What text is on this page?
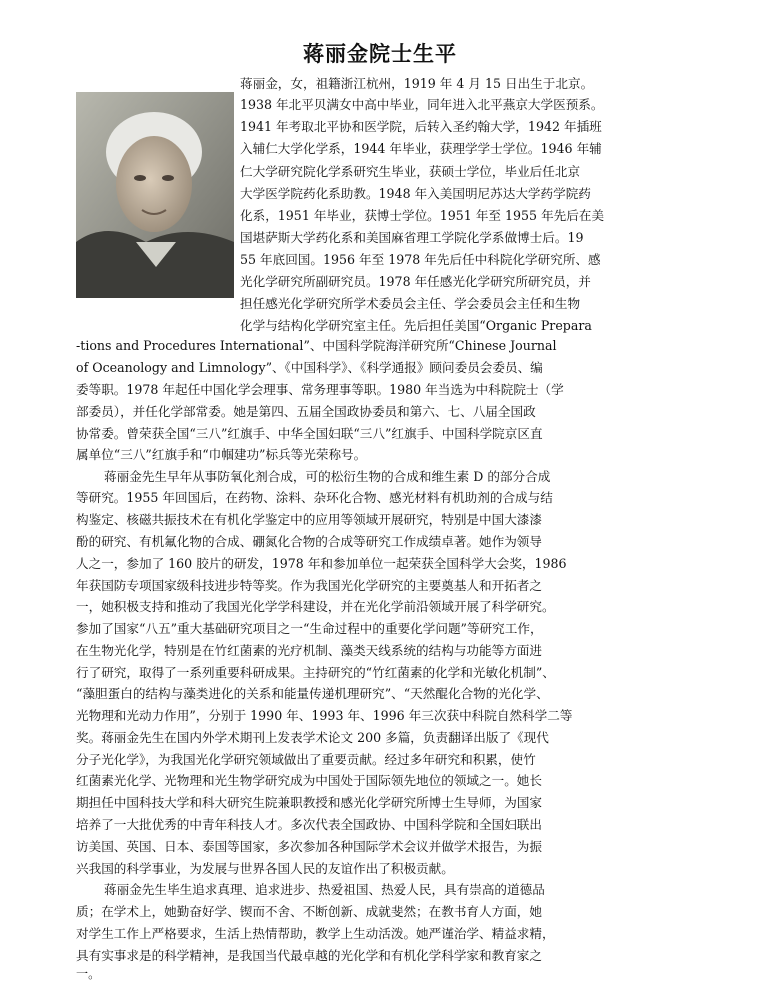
蒋丽金院士生平
蒋丽金，女，祖籍浙江杭州，1919 年 4 月 15 日出生于北京。
1938 年北平贝满女中高中毕业，同年进入北平燕京大学医预系。
1941 年考取北平协和医学院，后转入圣约翰大学，1942 年插班
入辅仁大学化学系，1944 年毕业，获理学学士学位。1946 年辅
仁大学研究院化学系研究生毕业，获硕士学位，毕业后任北京
大学医学院药化系助教。1948 年入美国明尼苏达大学药学院药
化系，1951 年毕业，获博士学位。1951 年至 1955 年先后在美
国堪萨斯大学药化系和美国麻省理工学院化学系做博士后。19
55 年底回国。1956 年至 1978 年先后任中科院化学研究所、感
光化学研究所副研究员。1978 年任感光化学研究所研究员，并
担任感光化学研究所学术委员会主任、学会委员会主任和生物
化学与结构化学研究室主任。先后担任美国“Organic Prepara
-tions and Procedures International”、中国科学院海洋研究所“Chinese Journal
of Oceanology and Limnology”、《中国科学》、《科学通报》顾问委员会委员、编
委等职。1978 年起任中国化学会理事、常务理事等职。1980 年当选为中科院院士（学
部委员），并任化学部常委。她是第四、五届全国政协委员和第六、七、八届全国政
协常委。曾荣获全国“三八”红旗手、中华全国妇联“三八”红旗手、中国科学院京区直
属单位“三八”红旗手和“巾帼建功”标兵等光荣称号。
蒋丽金先生早年从事防氧化剂合成，可的松衍生物的合成和维生素 D 的部分合成
等研究。1955 年回国后，在药物、涂料、杂环化合物、感光材料有机助剂的合成与结
构鉴定、核磁共振技术在有机化学鉴定中的应用等领域开展研究，特别是中国大漆漆
酚的研究、有机氟化物的合成、硼氮化合物的合成等研究工作成绩卓著。她作为领导
人之一，参加了 160 胶片的研发，1978 年和参加单位一起荣获全国科学大会奖，1986
年获国防专项国家级科技进步特等奖。作为我国光化学研究的主要奠基人和开拓者之
一，她积极支持和推动了我国光化学学科建设，并在光化学前沿领域开展了科学研究。
参加了国家“八五”重大基础研究项目之一“生命过程中的重要化学问题”等研究工作，
在生物光化学，特别是在竹红菌素的光疗机制、藻类天线系统的结构与功能等方面进
行了研究，取得了一系列重要科研成果。主持研究的“竹红菌素的化学和光敏化机制”、
“藻胆蛋白的结构与藻类进化的关系和能量传递机理研究”、“天然醌化合物的光化学、
光物理和光动力作用”，分别于 1990 年、1993 年、1996 年三次获中科院自然科学二等
奖。蒋丽金先生在国内外学术期刊上发表学术论文 200 多篇，负责翻译出版了《现代
分子光化学》，为我国光化学研究领域做出了重要贡献。经过多年研究和积累，使竹
红菌素光化学、光物理和光生物学研究成为中国处于国际领先地位的领域之一。她长
期担任中国科技大学和科大研究生院兼职教授和感光化学研究所博士生导师，为国家
培养了一大批优秀的中青年科技人才。多次代表全国政协、中国科学院和全国妇联出
访美国、英国、日本、泰国等国家，多次参加各种国际学术会议并做学术报告，为振
兴我国的科学事业，为发展与世界各国人民的友谊作出了积极贡献。
蒋丽金先生毕生追求真理、追求进步、热爱祖国、热爱人民，具有崇高的道德品
质；在学术上，她勤奋好学、锲而不舍、不断创新、成就斐然；在教书育人方面，她
对学生工作上严格要求，生活上热情帮助，教学上生动活泼。她严谨治学、精益求精，
具有实事求是的科学精神，是我国当代最卓越的光化学和有机化学科学家和教育家之
一。
